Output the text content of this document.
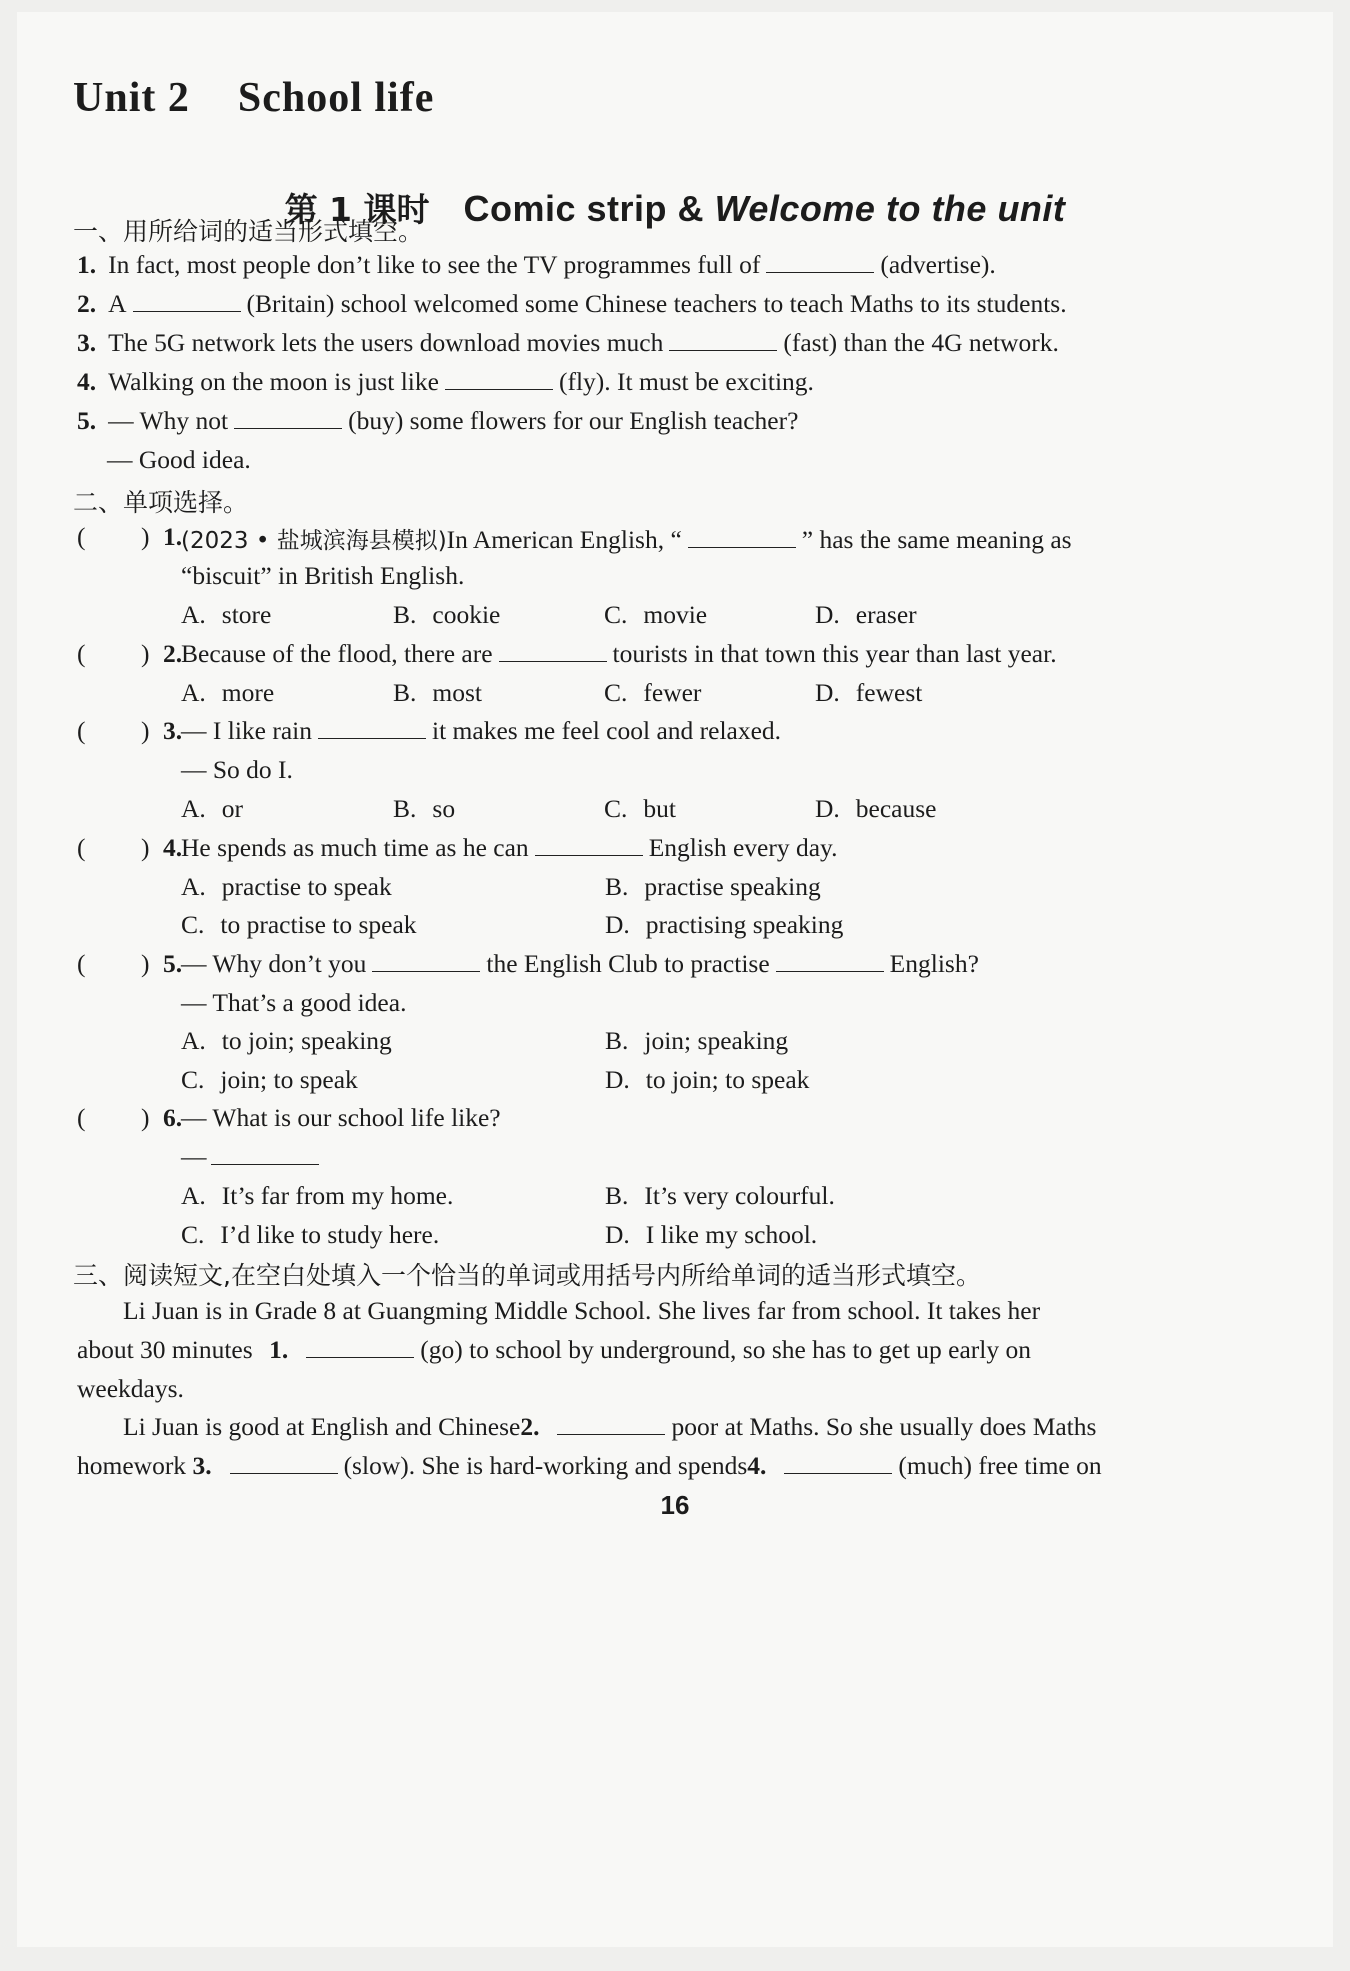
Unit 2 School life
第 1 课时 Comic strip & Welcome to the unit
一、用所给词的适当形式填空。
1. In fact, most people don’t like to see the TV programmes full of	(advertise).
2. A	(Britain) school welcomed some Chinese teachers to teach Maths to its students.
3. The 5G network lets the users download movies much	(fast) than the 4G network.
4. Walking on the moon is just like	(fly). It must be exciting.
5. — Why not	(buy) some flowers for our English teacher?
— Good idea.
二、单项选择。
( ) 1.
(2023 • 盐城滨海县模拟)In American English, “	” has the same meaning as
“biscuit” in British English.
A. store	B. cookie	C. movie	D. eraser
( ) 2.
Because of the flood, there are	tourists in that town this year than last year.
A. more	B. most	C. fewer	D. fewest
( ) 3.
— I like rain	it makes me feel cool and relaxed.
— So do I.
A. or	B. so	C. but	D. because
( ) 4.
He spends as much time as he can	English every day.
A. practise to speak	B. practise speaking
C. to practise to speak	D. practising speaking
( ) 5.
— Why don’t you	the English Club to practise	English?
— That’s a good idea.
A. to join; speaking	B. join; speaking
C. join; to speak	D. to join; to speak
( ) 6.
— What is our school life like?
—
A. It’s far from my home.	B. It’s very colourful.
C. I’d like to study here.	D. I like my school.
三、阅读短文,在空白处填入一个恰当的单词或用括号内所给单词的适当形式填空。
Li Juan is in Grade 8 at Guangming Middle School. She lives far from school. It takes her
about 30 minutes 1.	(go) to school by underground, so she has to get up early on
weekdays.
Li Juan is good at English and Chinese 2.	poor at Maths. So she usually does Maths
homework 3.	(slow). She is hard-working and spends 4.	(much) free time on
16
